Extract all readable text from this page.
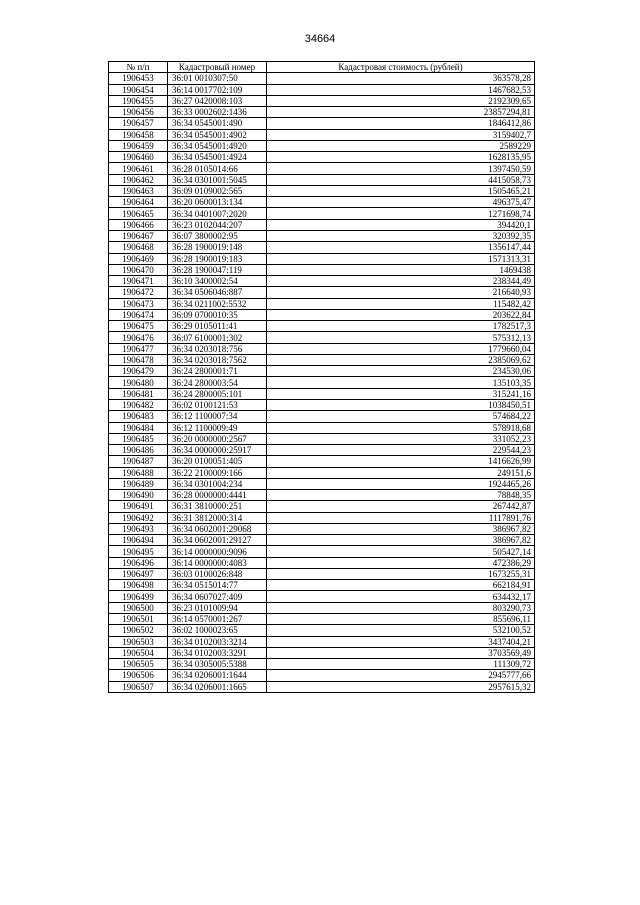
34664
№ п/п	Кадастровый номер	Кадастровая стоимость (рублей)
1906453	36:01 0010307:50	363578,28
1906454	36:14 0017702:109	1467682,53
1906455	36:27 0420008:103	2192309,65
1906456	36:33 0002602:1436	23857294,81
1906457	36:34 0545001:490	1846412,86
1906458	36:34 0545001:4902	3159402,7
1906459	36:34 0545001:4920	2589229
1906460	36:34 0545001:4924	1628135,95
1906461	36:28 0105014:66	1397450,59
1906462	36:34 0301001:5045	4415058,73
1906463	36:09 0109002:565	1505465,21
1906464	36:20 0600013:134	496375,47
1906465	36:34 0401007:2020	1271698,74
1906466	36:23 0102044:207	394420,1
1906467	36:07 3800002:95	320392,35
1906468	36:28 1900019:148	1356147,44
1906469	36:28 1900019:183	1571313,31
1906470	36:28 1900047:119	1469438
1906471	36:10 3400002:54	238344,49
1906472	36:34 0506046:887	216640,93
1906473	36:34 0211002:5532	115482,42
1906474	36:09 0700010:35	203622,84
1906475	36:29 0105011:41	1782517,3
1906476	36:07 6100001:302	575312,13
1906477	36:34 0203018:756	1779660,04
1906478	36:34 0203018:7562	2385069,62
1906479	36:24 2800001:71	234530,06
1906480	36:24 2800003:54	135103,35
1906481	36:24 2800005:101	315241,16
1906482	36:02 0100121:53	1038450,51
1906483	36:12 1100007:34	574684,22
1906484	36:12 1100009:49	578918,68
1906485	36:20 0000000:2567	331052,23
1906486	36:34 0000000:25917	229544,23
1906487	36:20 0100051:405	1416626,99
1906488	36:22 2100009:166	249151,6
1906489	36:34 0301004:234	1924465,26
1906490	36:28 0000000:4441	78848,35
1906491	36:31 3810000:251	267442,87
1906492	36:31 3812000:314	1117891,76
1906493	36:34 0602001:29068	386967,82
1906494	36:34 0602001:29127	386967,82
1906495	36:14 0000000:9096	505427,14
1906496	36:14 0000000:4083	472386,29
1906497	36:03 0100026:848	1673255,31
1906498	36:34 0515014:77	662184,91
1906499	36:34 0607027:409	634432,17
1906500	36:23 0101009:94	803290,73
1906501	36:14 0570001:267	855696,11
1906502	36:02 1000023:65	532100,52
1906503	36:34 0102003:3214	3437404,21
1906504	36:34 0102003:3291	3703569,49
1906505	36:34 0305005:5388	111309,72
1906506	36:34 0206001:1644	2945777,66
1906507	36:34 0206001:1665	2957615,32
